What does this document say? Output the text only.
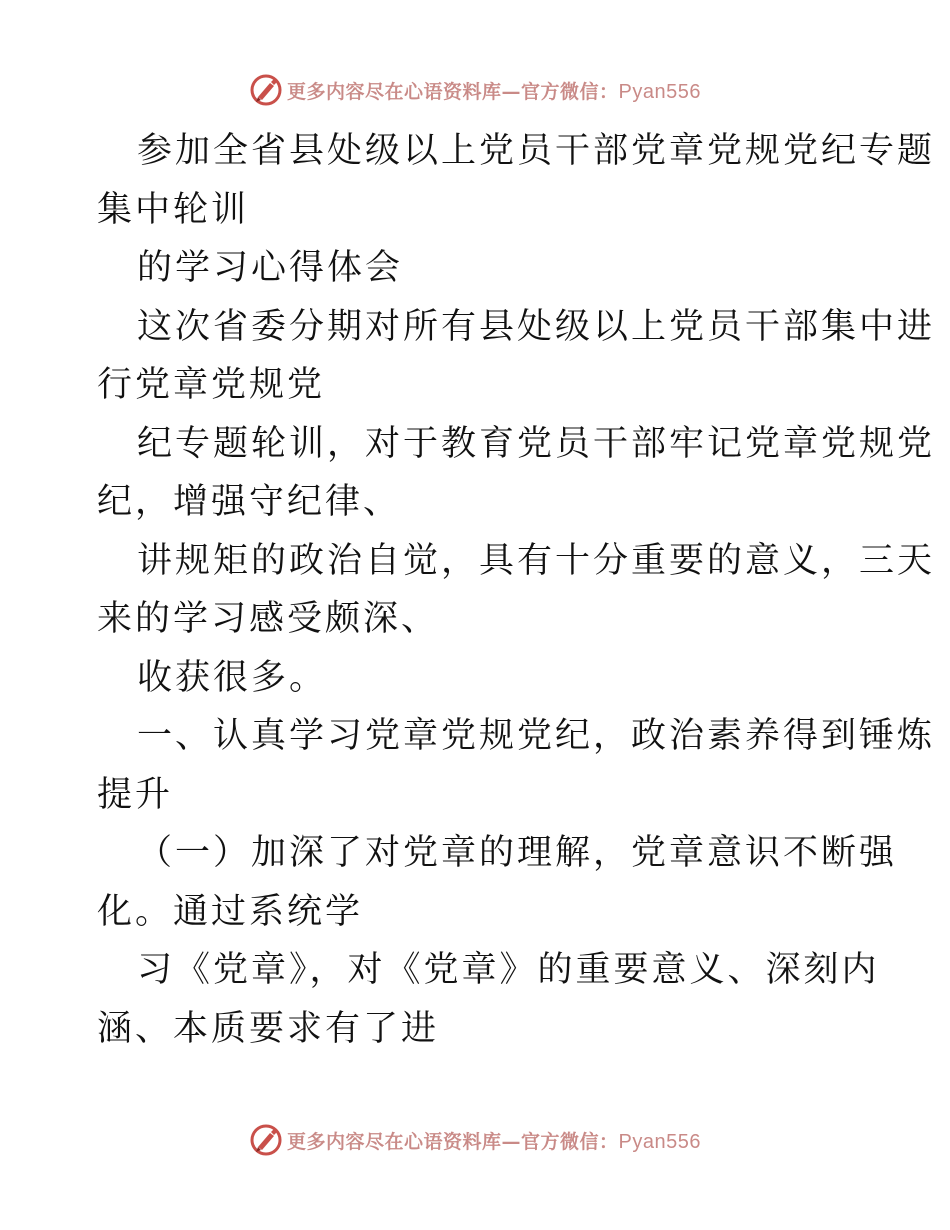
更多内容尽在心语资料库—官方微信：Pyan556
参加全省县处级以上党员干部党章党规党纪专题
集中轮训
的学习心得体会
这次省委分期对所有县处级以上党员干部集中进
行党章党规党
纪专题轮训，对于教育党员干部牢记党章党规党
纪，增强守纪律、
讲规矩的政治自觉，具有十分重要的意义，三天
来的学习感受颇深、
收获很多。
一、认真学习党章党规党纪，政治素养得到锤炼
提升
（一）加深了对党章的理解，党章意识不断强
化。通过系统学
习《党章》，对《党章》的重要意义、深刻内
涵、本质要求有了进
更多内容尽在心语资料库—官方微信：Pyan556
